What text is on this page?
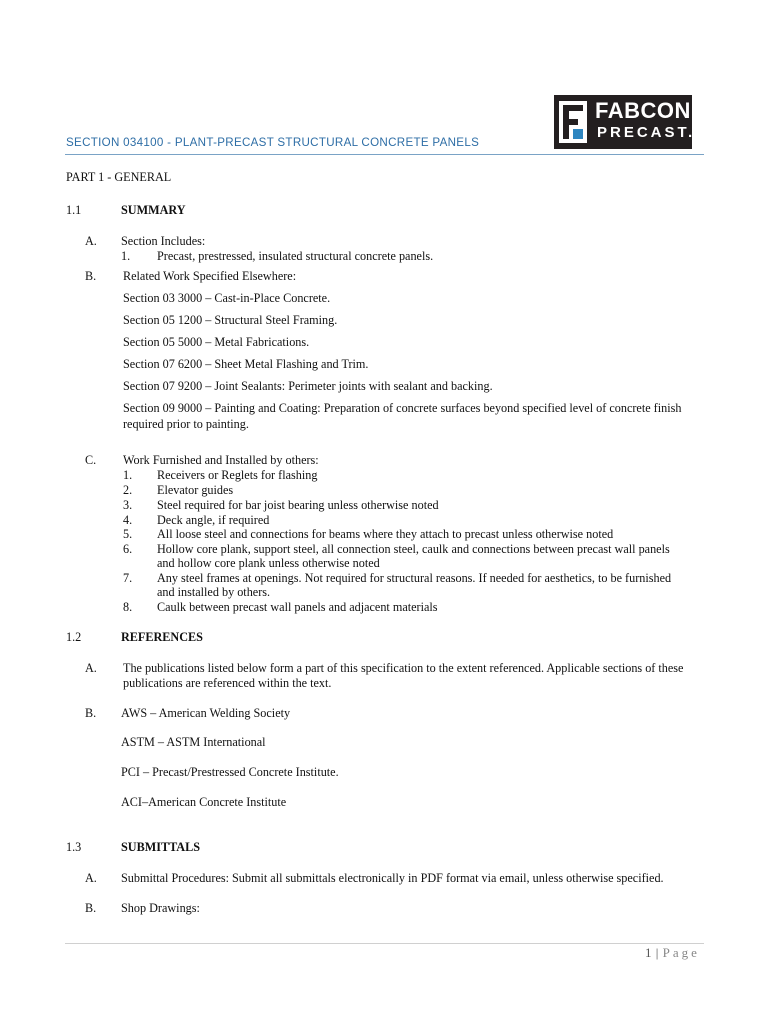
SECTION 034100 - PLANT-PRECAST STRUCTURAL CONCRETE PANELS
FABCON
PRECAST.
PART 1 - GENERAL
1.1	SUMMARY
A. Section Includes:
1. Precast, prestressed, insulated structural concrete panels.
B. Related Work Specified Elsewhere:
Section 03 3000 – Cast-in-Place Concrete.
Section 05 1200 – Structural Steel Framing.
Section 05 5000 – Metal Fabrications.
Section 07 6200 – Sheet Metal Flashing and Trim.
Section 07 9200 – Joint Sealants: Perimeter joints with sealant and backing.
Section 09 9000 – Painting and Coating: Preparation of concrete surfaces beyond specified level of concrete finish
required prior to painting.
C. Work Furnished and Installed by others:
1. Receivers or Reglets for flashing
2. Elevator guides
3. Steel required for bar joist bearing unless otherwise noted
4. Deck angle, if required
5. All loose steel and connections for beams where they attach to precast unless otherwise noted
6. Hollow core plank, support steel, all connection steel, caulk and connections between precast wall panels
and hollow core plank unless otherwise noted
7. Any steel frames at openings. Not required for structural reasons. If needed for aesthetics, to be furnished
and installed by others.
8. Caulk between precast wall panels and adjacent materials
1.2	REFERENCES
A. The publications listed below form a part of this specification to the extent referenced. Applicable sections of these
publications are referenced within the text.
B. AWS – American Welding Society
ASTM – ASTM International
PCI – Precast/Prestressed Concrete Institute.
ACI–American Concrete Institute
1.3	SUBMITTALS
A. Submittal Procedures: Submit all submittals electronically in PDF format via email, unless otherwise specified.
B. Shop Drawings:
1 | Page
